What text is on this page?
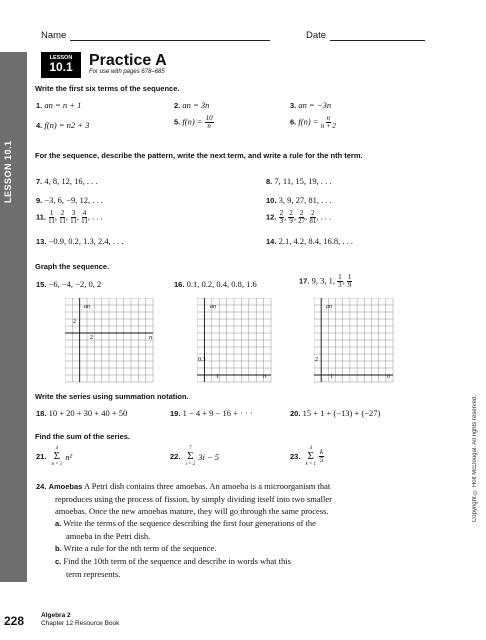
Name	Date
LESSON 10.1
LESSON
10.1	Practice A
For use with pages 678–685
Write the first six terms of the sequence.
1. an = n + 1	2. an = 3n	3. an = −3n
4. f(n) = n2 + 3	5. $f(n) = \frac{10}{n}$	6. $f(n) = \frac{n}{n + 2}$
For the sequence, describe the pattern, write the next term, and write a rule for the nth term.
7. 4, 8, 12, 16, . . .	8. 7, 11, 15, 19, . . .
9. −3, 6, −9, 12, . . .	10. 3, 9, 27, 81, . . .
11. $\frac{1}{11}$ , $\frac{2}{11}$ , $\frac{3}{11}$ , $\frac{4}{11}$ , . . .	12. $\frac{2}{3}$ , $\frac{2}{9}$ , $\frac{2}{27}$ , $\frac{2}{81}$ , . . .
13. −0.9, 0.2, 1.3, 2.4, . . .	14. 2.1, 4.2, 8.4, 16.8, . . .
Graph the sequence.
15. −6, −4, −2, 0, 2	16. 0.1, 0.2, 0.4, 0.8, 1.6	17. 9, 3, 1, $\frac{1}{3}$ , $\frac{1}{9}$
an
n
2
2
an
n
0.3
1
an
n
2
1
Write the series using summation notation.
18. 10 + 20 + 30 + 40 + 50	19. 1 − 4 + 9 − 16 + · · ·	20. 15 + 1 + (−13) + (−27)
Find the sum of the series.
21.
4
Σ
n = 1
n²	22.
7
Σ
i = 2
3i − 5	23.
4
Σ
k = 1
$\frac{k}{5}$
24. Amoebas A Petri dish contains three amoebas. An amoeba is a microorganism that
reproduces using the process of fission, by simply dividing itself into two smaller
amoebas. Once the new amoebas mature, they will go through the same process.
a. Write the terms of the sequence describing the first four generations of the
amoeba in the Petri dish.
b. Write a rule for the nth term of the sequence.
c. Find the 10th term of the sequence and describe in words what this
term represents.
Copyright © Holt McDougal. All rights reserved.
228	Algebra 2
Chapter 12 Resource Book
